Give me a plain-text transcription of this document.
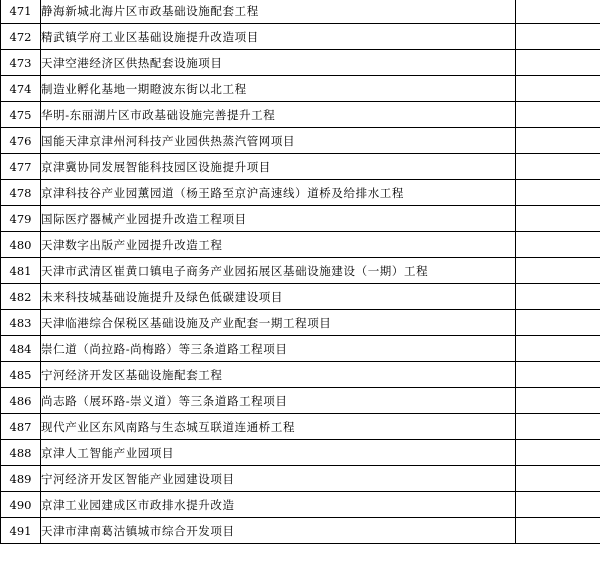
471	静海新城北海片区市政基础设施配套工程	
472	精武镇学府工业区基础设施提升改造项目	
473	天津空港经济区供热配套设施项目	
474	制造业孵化基地一期瞪波东街以北工程	
475	华明-东丽湖片区市政基础设施完善提升工程	
476	国能天津京津州河科技产业园供热蒸汽管网项目	
477	京津冀协同发展智能科技园区设施提升项目	
478	京津科技谷产业园薰园道（杨王路至京沪高速线）道桥及给排水工程	
479	国际医疗器械产业园提升改造工程项目	
480	天津数字出版产业园提升改造工程	
481	天津市武清区崔黄口镇电子商务产业园拓展区基础设施建设（一期）工程	
482	未来科技城基础设施提升及绿色低碳建设项目	
483	天津临港综合保税区基础设施及产业配套一期工程项目	
484	崇仁道（尚拉路-尚梅路）等三条道路工程项目	
485	宁河经济开发区基础设施配套工程	
486	尚志路（展环路-崇义道）等三条道路工程项目	
487	现代产业区东风南路与生态城互联道连通桥工程	
488	京津人工智能产业园项目	
489	宁河经济开发区智能产业园建设项目	
490	京津工业园建成区市政排水提升改造	
491	天津市津南葛沽镇城市综合开发项目	
